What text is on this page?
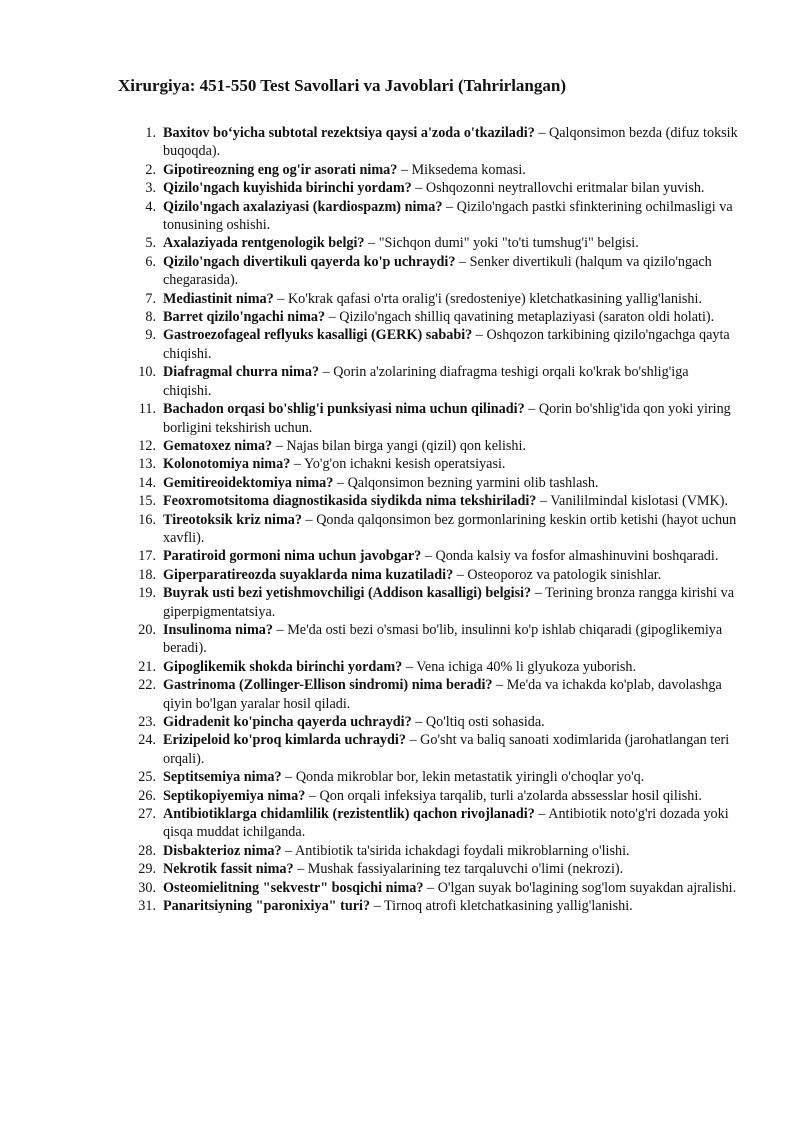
Xirurgiya: 451-550 Test Savollari va Javoblari (Tahrirlangan)
1. Baxitov bo‘yicha subtotal rezektsiya qaysi a'zoda o'tkaziladi? – Qalqonsimon bezda (difuz toksik buqoqda).
2. Gipotireozning eng og'ir asorati nima? – Miksedema komasi.
3. Qizilo'ngach kuyishida birinchi yordam? – Oshqozonni neytrallovchi eritmalar bilan yuvish.
4. Qizilo'ngach axalaziyasi (kardiospazm) nima? – Qizilo'ngach pastki sfinkterining ochilmasligi va tonusining oshishi.
5. Axalaziyada rentgenologik belgi? – "Sichqon dumi" yoki "to'ti tumshug'i" belgisi.
6. Qizilo'ngach divertikuli qayerda ko'p uchraydi? – Senker divertikuli (halqum va qizilo'ngach chegarasida).
7. Mediastinit nima? – Ko'krak qafasi o'rta oralig'i (sredosteniye) kletchatkasining yallig'lanishi.
8. Barret qizilo'ngachi nima? – Qizilo'ngach shilliq qavatining metaplaziyasi (saraton oldi holati).
9. Gastroezofageal reflyuks kasalligi (GERK) sababi? – Oshqozon tarkibining qizilo'ngachga qayta chiqishi.
10. Diafragmal churra nima? – Qorin a'zolarining diafragma teshigi orqali ko'krak bo'shlig'iga chiqishi.
11. Bachadon orqasi bo'shlig'i punksiyasi nima uchun qilinadi? – Qorin bo'shlig'ida qon yoki yiring borligini tekshirish uchun.
12. Gematoxez nima? – Najas bilan birga yangi (qizil) qon kelishi.
13. Kolonotomiya nima? – Yo'g'on ichakni kesish operatsiyasi.
14. Gemitireoidektomiya nima? – Qalqonsimon bezning yarmini olib tashlash.
15. Feoxromotsitoma diagnostikasida siydikda nima tekshiriladi? – Vanililmindal kislotasi (VMK).
16. Tireotoksik kriz nima? – Qonda qalqonsimon bez gormonlarining keskin ortib ketishi (hayot uchun xavfli).
17. Paratiroid gormoni nima uchun javobgar? – Qonda kalsiy va fosfor almashinuvini boshqaradi.
18. Giperparatireozda suyaklarda nima kuzatiladi? – Osteoporoz va patologik sinishlar.
19. Buyrak usti bezi yetishmovchiligi (Addison kasalligi) belgisi? – Terining bronza rangga kirishi va giperpigmentatsiya.
20. Insulinoma nima? – Me'da osti bezi o'smasi bo'lib, insulinni ko'p ishlab chiqaradi (gipoglikemiya beradi).
21. Gipoglikemik shokda birinchi yordam? – Vena ichiga 40% li glyukoza yuborish.
22. Gastrinoma (Zollinger-Ellison sindromi) nima beradi? – Me'da va ichakda ko'plab, davolashga qiyin bo'lgan yaralar hosil qiladi.
23. Gidradenit ko'pincha qayerda uchraydi? – Qo'ltiq osti sohasida.
24. Erizipeloid ko'proq kimlarda uchraydi? – Go'sht va baliq sanoati xodimlarida (jarohatlangan teri orqali).
25. Septitsemiya nima? – Qonda mikroblar bor, lekin metastatik yiringli o'choqlar yo'q.
26. Septikopiyemiya nima? – Qon orqali infeksiya tarqalib, turli a'zolarda abssesslar hosil qilishi.
27. Antibiotiklarga chidamlilik (rezistentlik) qachon rivojlanadi? – Antibiotik noto'g'ri dozada yoki qisqa muddat ichilganda.
28. Disbakterioz nima? – Antibiotik ta'sirida ichakdagi foydali mikroblarning o'lishi.
29. Nekrotik fassit nima? – Mushak fassiyalarining tez tarqaluvchi o'limi (nekrozi).
30. Osteomielitning "sekvestr" bosqichi nima? – O'lgan suyak bo'lagining sog'lom suyakdan ajralishi.
31. Panaritsiyning "paronixiya" turi? – Tirnoq atrofi kletchatkasining yallig'lanishi.
